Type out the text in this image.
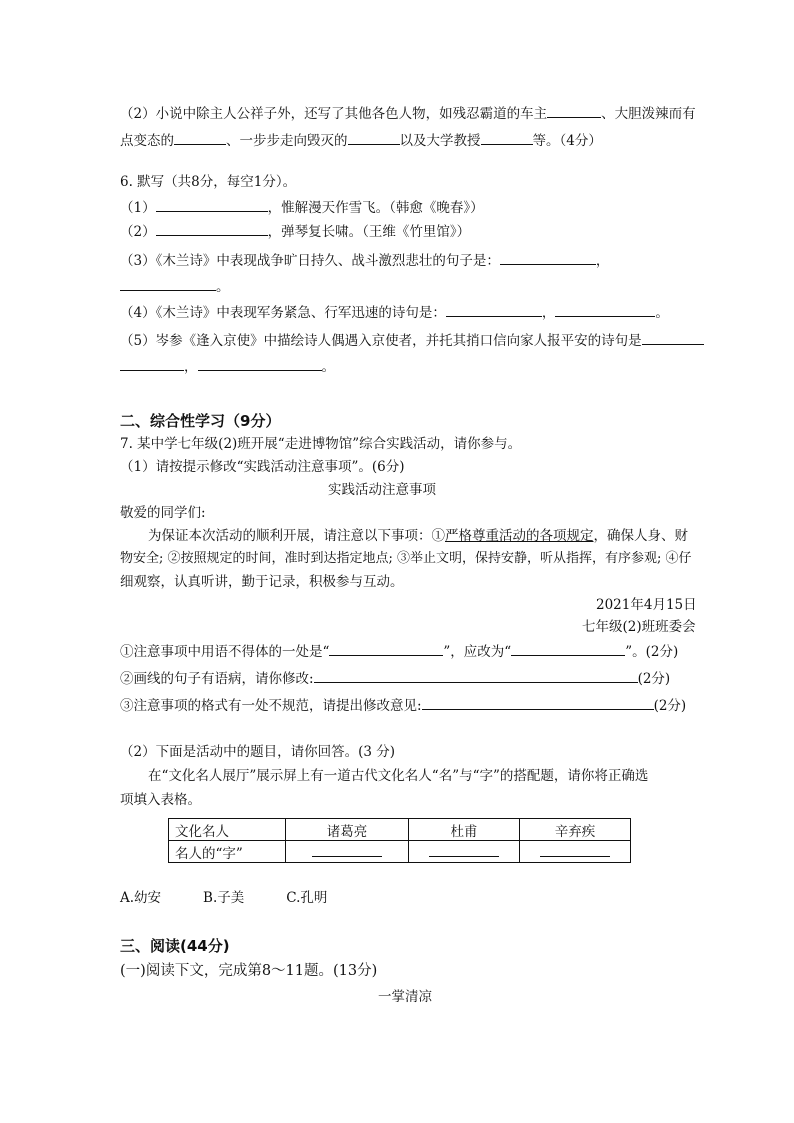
（2）小说中除主人公祥子外，还写了其他各色人物，如残忍霸道的车主	、大胆泼辣而有
点变态的	、一步步走向毁灭的	以及大学教授	等。（4分）
6. 默写（共8分，每空1分）。
（1）	，惟解漫天作雪飞。（韩愈《晚春》）
（2）	，弹琴复长啸。（王维《竹里馆》）
（3）《木兰诗》中表现战争旷日持久、战斗激烈悲壮的句子是：	，
。
（4）《木兰诗》中表现军务紧急、行军迅速的诗句是：	，	。
（5）岑参《逢入京使》中描绘诗人偶遇入京使者，并托其捎口信向家人报平安的诗句是
，	。
二、综合性学习（9分）
7. 某中学七年级(2)班开展“走进博物馆”综合实践活动，请你参与。
（1）请按提示修改“实践活动注意事项”。(6分)
实践活动注意事项
敬爱的同学们:
为保证本次活动的顺利开展，请注意以下事项：①严格尊重活动的各项规定，确保人身、财
物安全; ②按照规定的时间，准时到达指定地点; ③举止文明，保持安静，听从指挥，有序参观; ④仔
细观察，认真听讲，勤于记录，积极参与互动。
2021年4月15日
七年级(2)班班委会
①注意事项中用语不得体的一处是“	”，应改为“	”。(2分)
②画线的句子有语病，请你修改:	(2分)
③注意事项的格式有一处不规范，请提出修改意见:	(2分)
（2）下面是活动中的题目，请你回答。(3 分)
在“文化名人展厅”展示屏上有一道古代文化名人“名”与“字”的搭配题，请你将正确选
项填入表格。
文化名人	诸葛亮	杜甫	辛弃疾
名人的“字”			
A.幼安	B.子美	C.孔明
三、阅读(44分)
(一)阅读下文，完成第8～11题。(13分)
一掌清凉
